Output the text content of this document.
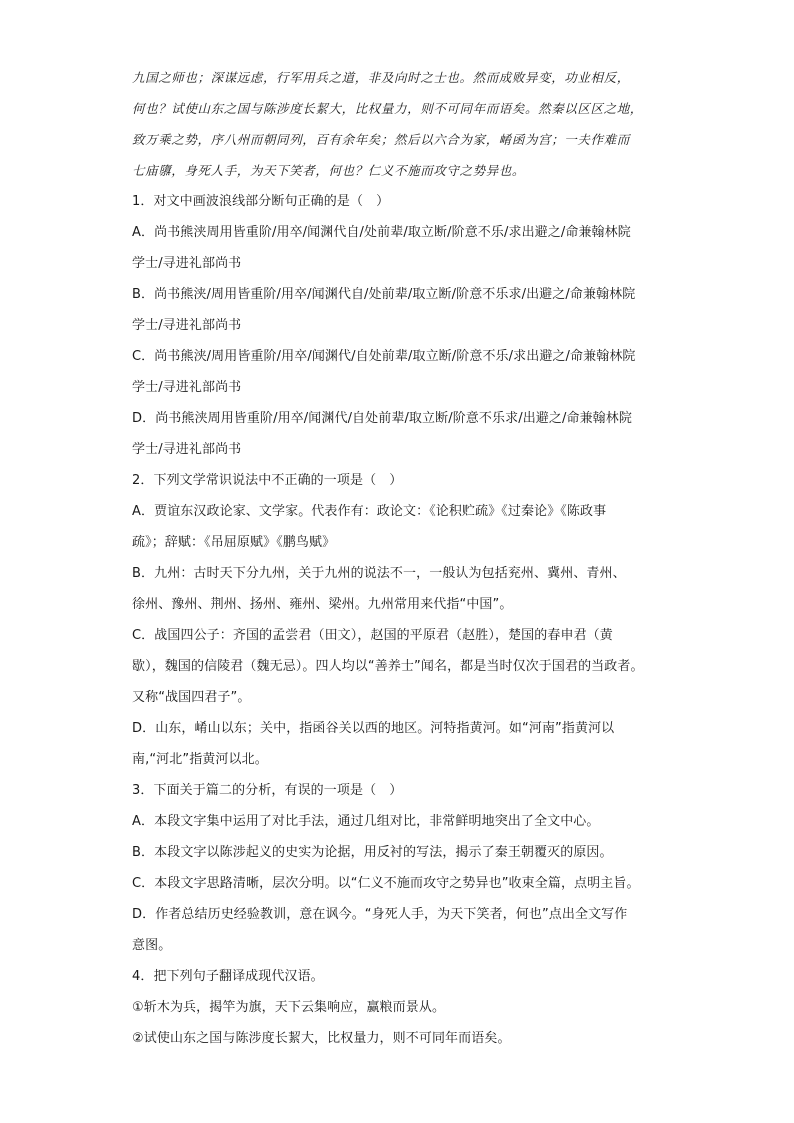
九国之师也；深谋远虑，行军用兵之道，非及向时之士也。然而成败异变，功业相反，
何也？试使山东之国与陈涉度长絜大，比权量力，则不可同年而语矣。然秦以区区之地，
致万乘之势，序八州而朝同列，百有余年矣；然后以六合为家，崤函为宫；一夫作难而
七庙隳，身死人手，为天下笑者，何也？仁义不施而攻守之势异也。
1．对文中画波浪线部分断句正确的是（　）
A．尚书熊浃周用皆重阶/用卒/闻渊代自/处前辈/取立断/阶意不乐/求出避之/命兼翰林院
学士/寻进礼部尚书
B．尚书熊浃/周用皆重阶/用卒/闻渊代自/处前辈/取立断/阶意不乐求/出避之/命兼翰林院
学士/寻进礼部尚书
C．尚书熊浃/周用皆重阶/用卒/闻渊代/自处前辈/取立断/阶意不乐/求出避之/命兼翰林院
学士/寻进礼部尚书
D．尚书熊浃周用皆重阶/用卒/闻渊代/自处前辈/取立断/阶意不乐求/出避之/命兼翰林院
学士/寻进礼部尚书
2．下列文学常识说法中不正确的一项是（　）
A．贾谊东汉政论家、文学家。代表作有：政论文：《论积贮疏》《过秦论》《陈政事
疏》；辞赋：《吊屈原赋》《鹏鸟赋》
B．九州：古时天下分九州，关于九州的说法不一，一般认为包括兖州、冀州、青州、
徐州、豫州、荆州、扬州、雍州、梁州。九州常用来代指“中国”。
C．战国四公子：齐国的孟尝君（田文），赵国的平原君（赵胜），楚国的春申君（黄
歇），魏国的信陵君（魏无忌）。四人均以“善养士”闻名，都是当时仅次于国君的当政者。
又称“战国四君子”。
D．山东，崤山以东；关中，指函谷关以西的地区。河特指黄河。如“河南”指黄河以
南,“河北”指黄河以北。
3．下面关于篇二的分析，有误的一项是（　）
A．本段文字集中运用了对比手法，通过几组对比，非常鲜明地突出了全文中心。
B．本段文字以陈涉起义的史实为论据，用反衬的写法，揭示了秦王朝覆灭的原因。
C．本段文字思路清晰，层次分明。以“仁义不施而攻守之势异也”收束全篇，点明主旨。
D．作者总结历史经验教训，意在讽今。“身死人手，为天下笑者，何也”点出全文写作
意图。
4．把下列句子翻译成现代汉语。
①斩木为兵，揭竿为旗，天下云集响应，赢粮而景从。
②试使山东之国与陈涉度长絜大，比权量力，则不可同年而语矣。
